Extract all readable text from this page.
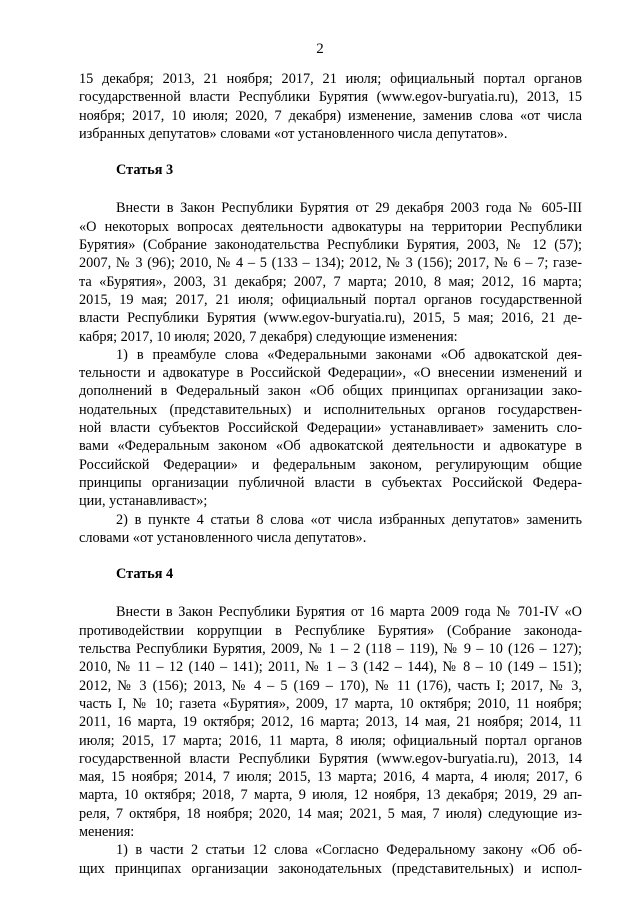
2
15 декабря; 2013, 21 ноября; 2017, 21 июля; официальный портал органов
государственной власти Республики Бурятия (www.egov-buryatia.ru), 2013, 15
ноября; 2017, 10 июля; 2020, 7 декабря) изменение, заменив слова «от числа
избранных депутатов» словами «от установленного числа депутатов».
Статья 3
Внести в Закон Республики Бурятия от 29 декабря 2003 года № 605-III
«О некоторых вопросах деятельности адвокатуры на территории Республики
Бурятия» (Собрание законодательства Республики Бурятия, 2003, № 12 (57);
2007, № 3 (96); 2010, № 4 – 5 (133 – 134); 2012, № 3 (156); 2017, № 6 – 7; газе-
та «Бурятия», 2003, 31 декабря; 2007, 7 марта; 2010, 8 мая; 2012, 16 марта;
2015, 19 мая; 2017, 21 июля; официальный портал органов государственной
власти Республики Бурятия (www.egov-buryatia.ru), 2015, 5 мая; 2016, 21 де-
кабря; 2017, 10 июля; 2020, 7 декабря) следующие изменения:
1) в преамбуле слова «Федеральными законами «Об адвокатской дея-
тельности и адвокатуре в Российской Федерации», «О внесении изменений и
дополнений в Федеральный закон «Об общих принципах организации зако-
нодательных (представительных) и исполнительных органов государствен-
ной власти субъектов Российской Федерации» устанавливает» заменить сло-
вами «Федеральным законом «Об адвокатской деятельности и адвокатуре в
Российской Федерации» и федеральным законом, регулирующим общие
принципы организации публичной власти в субъектах Российской Федера-
ции, устанавливаст»;
2) в пункте 4 статьи 8 слова «от числа избранных депутатов» заменить
словами «от установленного числа депутатов».
Статья 4
Внести в Закон Республики Бурятия от 16 марта 2009 года № 701-IV «О
противодействии коррупции в Республике Бурятия» (Собрание законода-
тельства Республики Бурятия, 2009, № 1 – 2 (118 – 119), № 9 – 10 (126 – 127);
2010, № 11 – 12 (140 – 141); 2011, № 1 – 3 (142 – 144), № 8 – 10 (149 – 151);
2012, № 3 (156); 2013, № 4 – 5 (169 – 170), № 11 (176), часть I; 2017, № 3,
часть I, № 10; газета «Бурятия», 2009, 17 марта, 10 октября; 2010, 11 ноября;
2011, 16 марта, 19 октября; 2012, 16 марта; 2013, 14 мая, 21 ноября; 2014, 11
июля; 2015, 17 марта; 2016, 11 марта, 8 июля; официальный портал органов
государственной власти Республики Бурятия (www.egov-buryatia.ru), 2013, 14
мая, 15 ноября; 2014, 7 июля; 2015, 13 марта; 2016, 4 марта, 4 июля; 2017, 6
марта, 10 октября; 2018, 7 марта, 9 июля, 12 ноября, 13 декабря; 2019, 29 ап-
реля, 7 октября, 18 ноября; 2020, 14 мая; 2021, 5 мая, 7 июля) следующие из-
менения:
1) в части 2 статьи 12 слова «Согласно Федеральному закону «Об об-
щих принципах организации законодательных (представительных) и испол-
